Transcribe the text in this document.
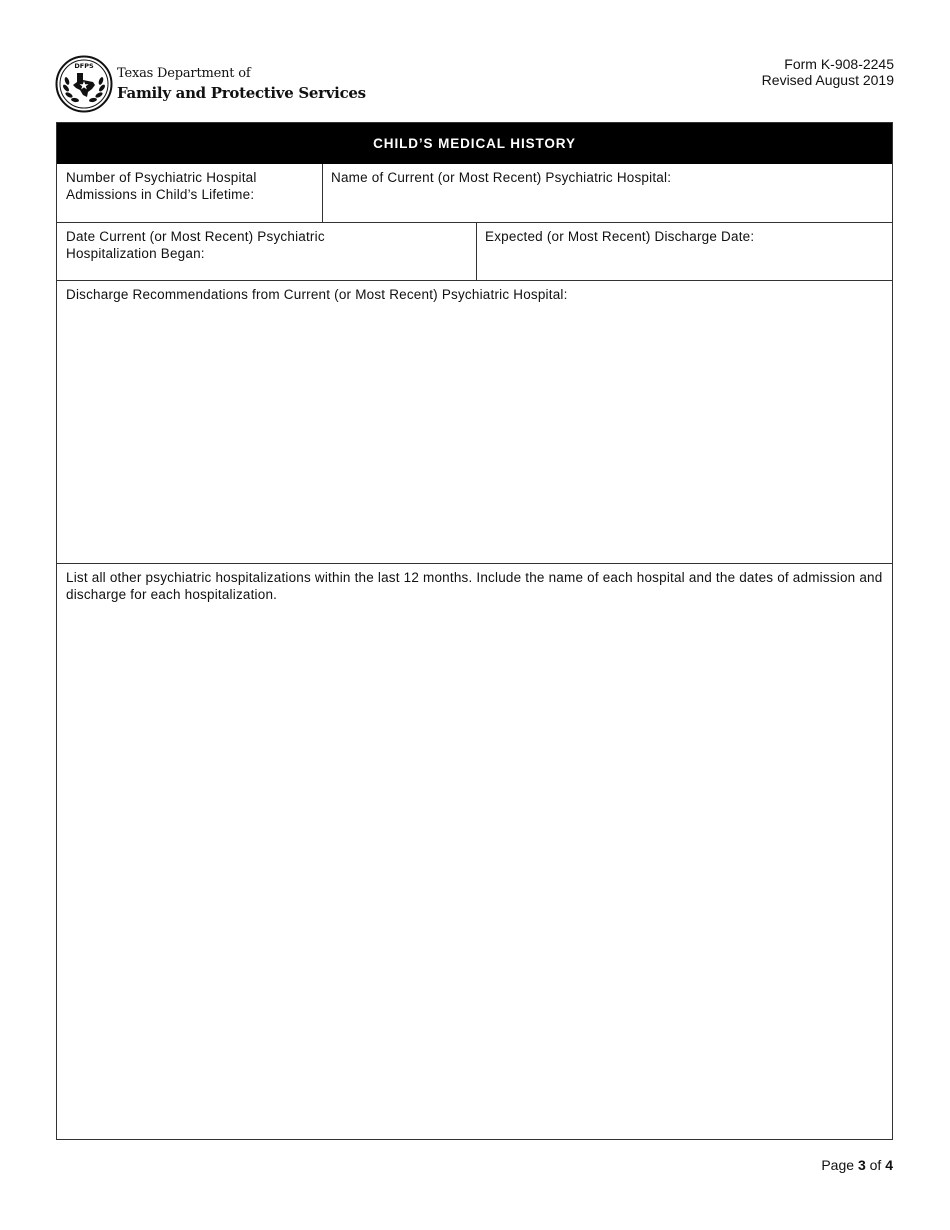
DFPS Texas Department of
Family and Protective Services
Form K-908-2245
Revised August 2019
CHILD’S MEDICAL HISTORY
Number of Psychiatric Hospital Admissions in Child’s Lifetime:
Name of Current (or Most Recent) Psychiatric Hospital:
Date Current (or Most Recent) Psychiatric Hospitalization Began:
Expected (or Most Recent) Discharge Date:
Discharge Recommendations from Current (or Most Recent) Psychiatric Hospital:
List all other psychiatric hospitalizations within the last 12 months. Include the name of each hospital and the dates of admission and discharge for each hospitalization.
Page 3 of 4
